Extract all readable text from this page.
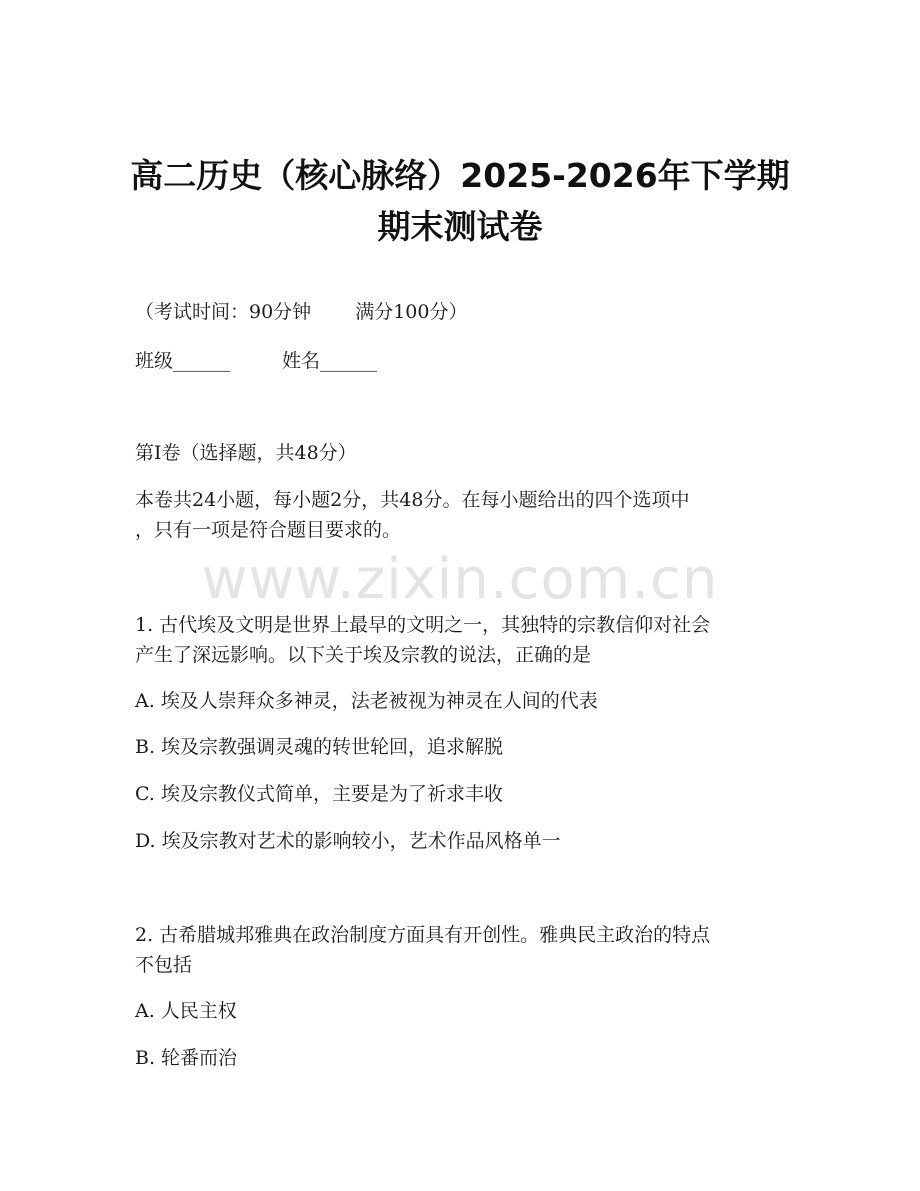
高二历史（核心脉络）2025-2026年下学期
期末测试卷
（考试时间：90分钟 满分100分）
班级______	姓名______
第Ⅰ卷（选择题，共48分）
本卷共24小题，每小题2分，共48分。在每小题给出的四个选项中
，只有一项是符合题目要求的。
www.zixin.com.cn
1. 古代埃及文明是世界上最早的文明之一，其独特的宗教信仰对社会
产生了深远影响。以下关于埃及宗教的说法，正确的是
A. 埃及人崇拜众多神灵，法老被视为神灵在人间的代表
B. 埃及宗教强调灵魂的转世轮回，追求解脱
C. 埃及宗教仪式简单，主要是为了祈求丰收
D. 埃及宗教对艺术的影响较小，艺术作品风格单一
2. 古希腊城邦雅典在政治制度方面具有开创性。雅典民主政治的特点
不包括
A. 人民主权
B. 轮番而治
